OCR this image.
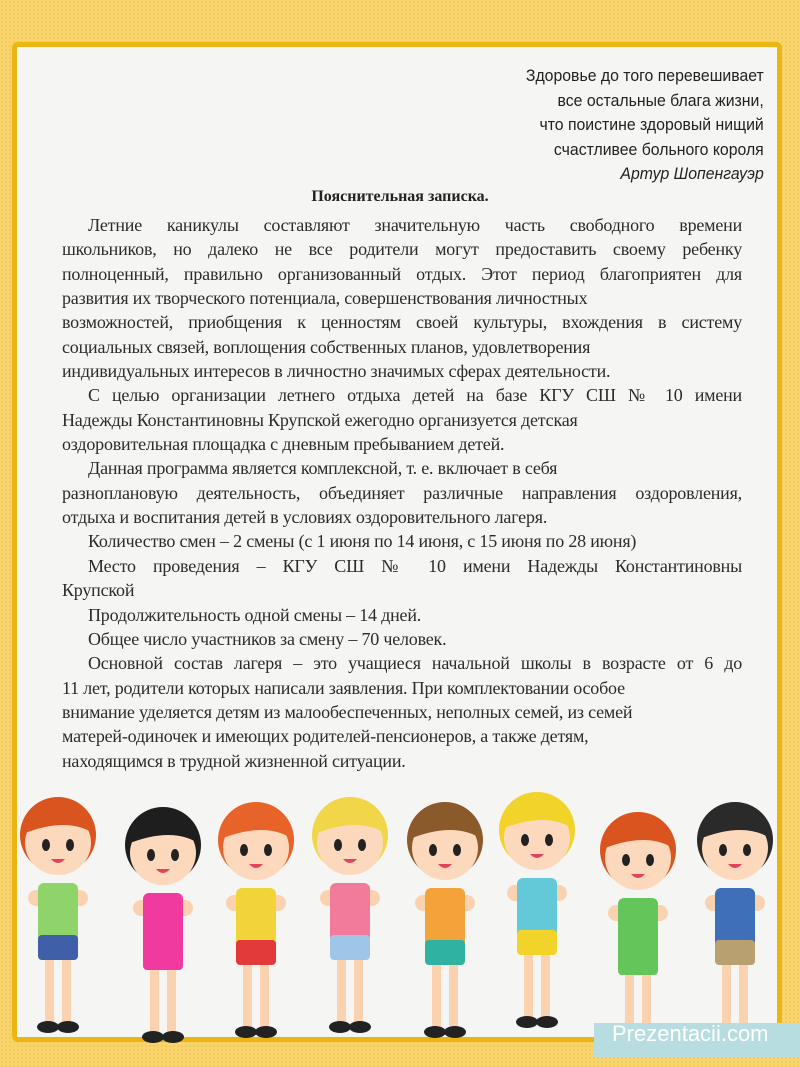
Здоровье до того перевешивает
все остальные блага жизни,
что поистине здоровый нищий
счастливее больного короля
Артур Шопенгауэр
Пояснительная записка.
Летние каникулы составляют значительную часть свободного времени
школьников, но далеко не все родители могут предоставить своему ребенку
полноценный, правильно организованный отдых. Этот период благоприятен для
развития их творческого потенциала, совершенствования личностных
возможностей, приобщения к ценностям своей культуры, вхождения в систему
социальных связей, воплощения собственных планов, удовлетворения
индивидуальных интересов в личностно значимых сферах деятельности.
С целью организации летнего отдыха детей на базе КГУ СШ № 10 имени
Надежды Константиновны Крупской ежегодно организуется детская
оздоровительная площадка с дневным пребыванием детей.
Данная программа является комплексной, т. е. включает в себя
разноплановую деятельность, объединяет различные направления оздоровления,
отдыха и воспитания детей в условиях оздоровительного лагеря.
Количество смен – 2 смены (с 1 июня по 14 июня, с 15 июня по 28 июня)
Место проведения – КГУ СШ № 10 имени Надежды Константиновны
Крупской
Продолжительность одной смены – 14 дней.
Общее число участников за смену – 70 человек.
Основной состав лагеря – это учащиеся начальной школы в возрасте от 6 до
11 лет, родители которых написали заявления. При комплектовании особое
внимание уделяется детям из малообеспеченных, неполных семей, из семей
матерей-одиночек и имеющих родителей-пенсионеров, а также детям,
находящимся в трудной жизненной ситуации.
Prezentacii.com
